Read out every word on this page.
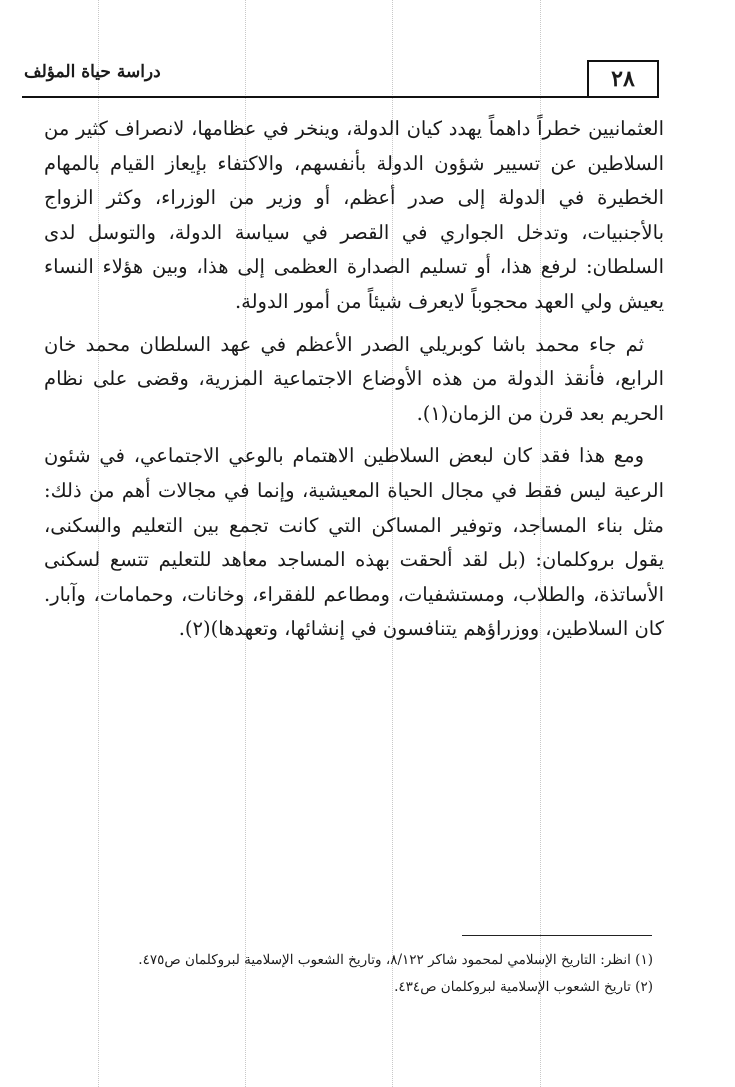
دراسة حياة المؤلف	٢٨

العثمانيين خطراً داهماً يهدد كيان الدولة، وينخر في عظامها، لانصراف كثير من السلاطين عن تسيير شؤون الدولة بأنفسهم، والاكتفاء بإيعاز القيام بالمهام الخطيرة في الدولة إلى صدر أعظم، أو وزير من الوزراء، وكثر الزواج بالأجنبيات، وتدخل الجواري في القصر في سياسة الدولة، والتوسل لدى السلطان: لرفع هذا، أو تسليم الصدارة العظمى إلى هذا، وبين هؤلاء النساء يعيش ولي العهد محجوباً لايعرف شيئاً من أمور الدولة.

ثم جاء محمد باشا كوبريلي الصدر الأعظم في عهد السلطان محمد خان الرابع، فأنقذ الدولة من هذه الأوضاع الاجتماعية المزرية، وقضى على نظام الحريم بعد قرن من الزمان(١).

ومع هذا فقد كان لبعض السلاطين الاهتمام بالوعي الاجتماعي، في شئون الرعية ليس فقط في مجال الحياة المعيشية، وإنما في مجالات أهم من ذلك: مثل بناء المساجد، وتوفير المساكن التي كانت تجمع بين التعليم والسكنى، يقول بروكلمان: (بل لقد ألحقت بهذه المساجد معاهد للتعليم تتسع لسكنى الأساتذة، والطلاب، ومستشفيات، ومطاعم للفقراء، وخانات، وحمامات، وآبار. كان السلاطين، ووزراؤهم يتنافسون في إنشائها، وتعهدها)(٢).

(١) انظر: التاريخ الإسلامي لمحمود شاكر ٨/١٢٢، وتاريخ الشعوب الإسلامية لبروكلمان ص٤٧٥.

(٢) تاريخ الشعوب الإسلامية لبروكلمان ص٤٣٤.
